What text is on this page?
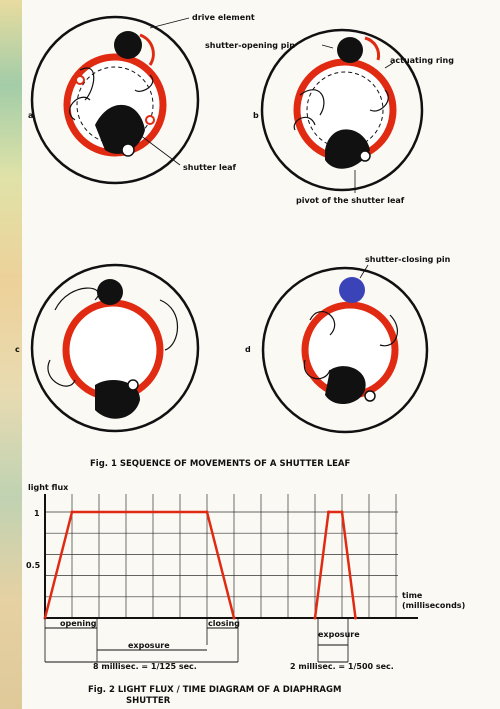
a
drive element
shutter leaf
b
shutter-opening pin
actuating ring
pivot of the shutter leaf
c	d
shutter-closing pin
Fig. 1 SEQUENCE OF MOVEMENTS OF A SHUTTER LEAF
light flux
1
0.5
time
(milliseconds)
opening	closing
exposure
exposure
8 millisec. = 1/125 sec.	2 millisec. = 1/500 sec.
Fig. 2 LIGHT FLUX / TIME DIAGRAM OF A DIAPHRAGM
SHUTTER
